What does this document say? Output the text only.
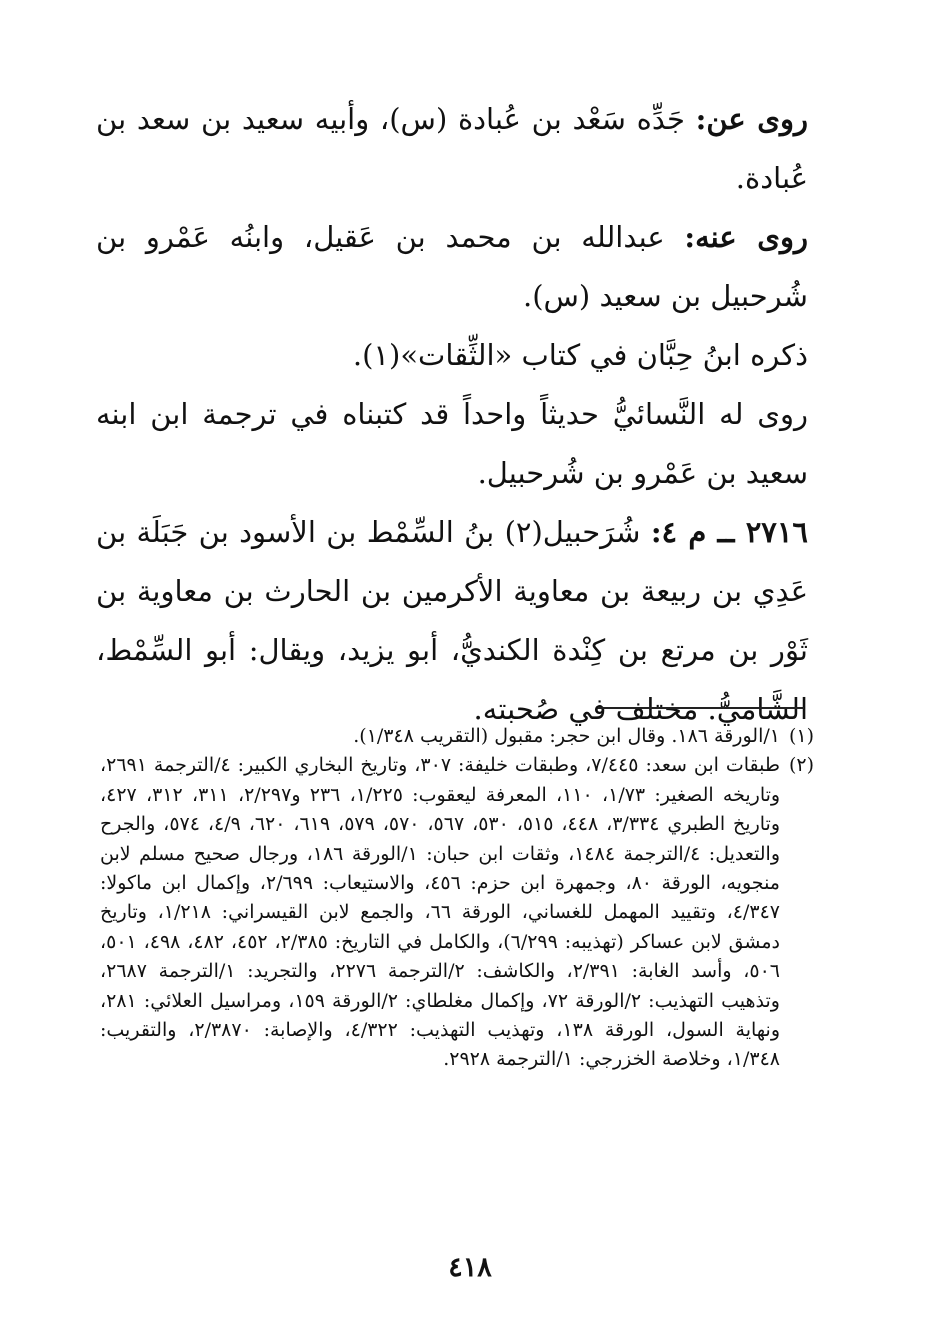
روى عن: جَدِّه سَعْد بن عُبادة (س)، وأبيه سعيد بن سعد بن عُبادة.

روى عنه: عبدالله بن محمد بن عَقيل، وابنُه عَمْرو بن شُرحبيل بن سعيد (س).

ذكره ابنُ حِبَّان في كتاب «الثِّقات»(١).

روى له النَّسائيُّ حديثاً واحداً قد كتبناه في ترجمة ابن ابنه سعيد بن عَمْرو بن شُرحبيل.

٢٧١٦ ــ م ٤: شُرَحبيل(٢) بنُ السِّمْط بن الأسود بن جَبَلَة بن عَدِي بن ربيعة بن معاوية الأكرمين بن الحارث بن معاوية بن ثَوْر بن مرتع بن كِنْدة الكنديُّ، أبو يزيد، ويقال: أبو السِّمْط، الشَّاميُّ. مختلف في صُحبته.

(١)
١/الورقة ١٨٦. وقال ابن حجر: مقبول (التقريب ١/٣٤٨).
(٢)
طبقات ابن سعد: ٧/٤٤٥، وطبقات خليفة: ٣٠٧، وتاريخ البخاري الكبير: ٤/الترجمة ٢٦٩١، وتاريخه الصغير: ١/٧٣، ١١٠، المعرفة ليعقوب: ١/٢٢٥، ٢٣٦ و٢/٢٩٧، ٣١١، ٣١٢، ٤٢٧، وتاريخ الطبري ٣/٣٣٤، ٤٤٨، ٥١٥، ٥٣٠، ٥٦٧، ٥٧٠، ٥٧٩، ٦١٩، ٦٢٠، ٤/٩، ٥٧٤، والجرح والتعديل: ٤/الترجمة ١٤٨٤، وثقات ابن حبان: ١/الورقة ١٨٦، ورجال صحيح مسلم لابن منجويه، الورقة ٨٠، وجمهرة ابن حزم: ٤٥٦، والاستيعاب: ٢/٦٩٩، وإكمال ابن ماكولا: ٤/٣٤٧، وتقييد المهمل للغساني، الورقة ٦٦، والجمع لابن القيسراني: ١/٢١٨، وتاريخ دمشق لابن عساكر (تهذيبه: ٦/٢٩٩)، والكامل في التاريخ: ٢/٣٨٥، ٤٥٢، ٤٨٢، ٤٩٨، ٥٠١، ٥٠٦، وأسد الغابة: ٢/٣٩١، والكاشف: ٢/الترجمة ٢٢٧٦، والتجريد: ١/الترجمة ٢٦٨٧، وتذهيب التهذيب: ٢/الورقة ٧٢، وإكمال مغلطاي: ٢/الورقة ١٥٩، ومراسيل العلائي: ٢٨١، ونهاية السول، الورقة ١٣٨، وتهذيب التهذيب: ٤/٣٢٢، والإصابة: ٢/٣٨٧٠، والتقريب: ١/٣٤٨، وخلاصة الخزرجي: ١/الترجمة ٢٩٢٨.
٤١٨
